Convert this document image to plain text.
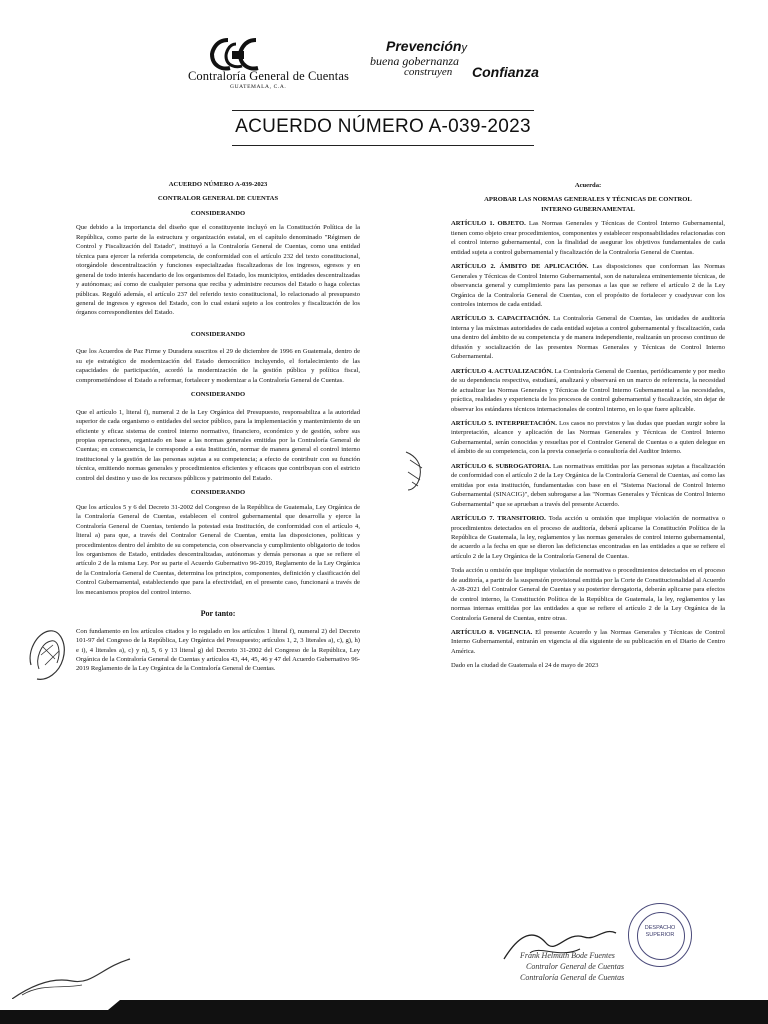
Contraloría General de Cuentas
GUATEMALA, C.A.
Prevencióny
buena gobernanza
construyen Confianza
ACUERDO NÚMERO A-039-2023

ACUERDO NÚMERO A-039-2023

CONTRALOR GENERAL DE CUENTAS

CONSIDERANDO

Que debido a la importancia del diseño que el constituyente incluyó en la Constitución Política de la República, como parte de la estructura y organización estatal, en el capítulo denominado "Régimen de Control y Fiscalización del Estado", instituyó a la Contraloría General de Cuentas, como una entidad técnica para ejercer la referida competencia, de conformidad con el artículo 232 del texto constitucional, otorgándole descentralización y funciones especializadas fiscalizadoras de los ingresos, egresos y en general de todo interés hacendario de los organismos del Estado, los municipios, entidades descentralizadas y autónomas; así como de cualquier persona que reciba y administre recursos del Estado o haga colectas públicas. Reguló además, el artículo 237 del referido texto constitucional, lo relacionado al presupuesto general de ingresos y egresos del Estado, con lo cual estará sujeto a los controles y fiscalización de los órganos correspondientes del Estado.

CONSIDERANDO

Que los Acuerdos de Paz Firme y Duradera suscritos el 29 de diciembre de 1996 en Guatemala, dentro de su eje estratégico de modernización del Estado democrático incluyendo, el fortalecimiento de las capacidades de participación, acordó la modernización de la gestión pública y política fiscal, comprometiéndose el Estado a reformar, fortalecer y modernizar a la Contraloría General de Cuentas.

CONSIDERANDO

Que el artículo 1, literal f), numeral 2 de la Ley Orgánica del Presupuesto, responsabiliza a la autoridad superior de cada organismo o entidades del sector público, para la implementación y mantenimiento de un eficiente y eficaz sistema de control interno normativo, financiero, económico y de gestión, sobre sus propias operaciones, organizado en base a las normas generales emitidas por la Contraloría General de Cuentas; en consecuencia, le corresponde a esta Institución, normar de manera general el control interno institucional y la gestión de las personas sujetas a su competencia; a efecto de contribuir con su función técnica, emitiendo normas generales y procedimientos eficientes y eficaces que contribuyan con el estricto control del destino y uso de los recursos públicos y patrimonio del Estado.

CONSIDERANDO

Que los artículos 5 y 6 del Decreto 31-2002 del Congreso de la República de Guatemala, Ley Orgánica de la Contraloría General de Cuentas, establecen el control gubernamental que desarrolla y ejerce la Contraloría General de Cuentas, teniendo la potestad esta Institución, de conformidad con el artículo 4, literal a) para que, a través del Contralor General de Cuentas, emita las disposiciones, políticas y procedimientos dentro del ámbito de su competencia, con observancia y cumplimiento obligatorio de todos los organismos de Estado, entidades descentralizadas, autónomas y demás personas a que se refiere el artículo 2 de la misma Ley. Por su parte el Acuerdo Gubernativo 96-2019, Reglamento de la Ley Orgánica de la Contraloría General de Cuentas, determina los principios, componentes, definición y clasificación del Control Gubernamental, estableciendo que para la efectividad, en el presente caso, funcionará a través de los mecanismos propios del control interno.

Por tanto:

Con fundamento en los artículos citados y lo regulado en los artículos 1 literal f), numeral 2) del Decreto 101-97 del Congreso de la República, Ley Orgánica del Presupuesto; artículos 1, 2, 3 literales a), c), g), h) e i), 4 literales a), c) y n), 5, 6 y 13 literal g) del Decreto 31-2002 del Congreso de la República, Ley Orgánica de la Contraloría General de Cuentas y artículos 43, 44, 45, 46 y 47 del Acuerdo Gubernativo 96-2019 Reglamento de la Ley Orgánica de la Contraloría General de Cuentas.

Acuerda:

APROBAR LAS NORMAS GENERALES Y TÉCNICAS DE CONTROL INTERNO GUBERNAMENTAL

ARTÍCULO 1. OBJETO. Las Normas Generales y Técnicas de Control Interno Gubernamental, tienen como objeto crear procedimientos, componentes y establecer responsabilidades relacionadas con el control interno gubernamental, con la finalidad de asegurar los objetivos fundamentales de cada entidad sujeta a control gubernamental y fiscalización de la Contraloría General de Cuentas.

ARTÍCULO 2. ÁMBITO DE APLICACIÓN. Las disposiciones que conforman las Normas Generales y Técnicas de Control Interno Gubernamental, son de naturaleza eminentemente técnicas, de observancia general y cumplimiento para las personas a las que se refiere el artículo 2 de la Ley Orgánica de la Contraloría General de Cuentas, con el propósito de fortalecer y coadyuvar con los controles internos de cada entidad.

ARTÍCULO 3. CAPACITACIÓN. La Contraloría General de Cuentas, las unidades de auditoría interna y las máximas autoridades de cada entidad sujetas a control gubernamental y fiscalización, cada una dentro del ámbito de su competencia y de manera independiente, realizarán un proceso continuo de difusión y socialización de las presentes Normas Generales y Técnicas de Control Interno Gubernamental.

ARTÍCULO 4. ACTUALIZACIÓN. La Contraloría General de Cuentas, periódicamente y por medio de su dependencia respectiva, estudiará, analizará y observará en un marco de referencia, la necesidad de actualizar las Normas Generales y Técnicas de Control Interno Gubernamental a las necesidades, práctica, realidades y experiencia de los procesos de control gubernamental y fiscalización, sin dejar de observar los estándares técnicos internacionales de control interno, en lo que fuere aplicable.

ARTÍCULO 5. INTERPRETACIÓN. Los casos no previstos y las dudas que puedan surgir sobre la interpretación, alcance y aplicación de las Normas Generales y Técnicas de Control Interno Gubernamental, serán conocidas y resueltas por el Contralor General de Cuentas o a quien delegue en el ámbito de su competencia, con la previa consejería o consultoría del Auditor Interno.

ARTÍCULO 6. SUBROGATORIA. Las normativas emitidas por las personas sujetas a fiscalización de conformidad con el artículo 2 de la Ley Orgánica de la Contraloría General de Cuentas, así como las emitidas por esta institución, fundamentadas con base en el "Sistema Nacional de Control Interno Gubernamental (SINACIG)", deben subrogarse a las "Normas Generales y Técnicas de Control Interno Gubernamental" que se aprueban a través del presente Acuerdo.

ARTÍCULO 7. TRANSITORIO. Toda acción u omisión que implique violación de normativa o procedimientos detectados en el proceso de auditoría, deberá aplicarse la Constitución Política de la República de Guatemala, la ley, reglamentos y las normas generales de control interno gubernamental, de acuerdo a la fecha en que se dieron las deficiencias encontradas en las entidades a que se refiere el artículo 2 de la Ley Orgánica de la Contraloría General de Cuentas.

Toda acción u omisión que implique violación de normativa o procedimientos detectados en el proceso de auditoría, a partir de la suspensión provisional emitida por la Corte de Constitucionalidad al Acuerdo A-28-2021 del Contralor General de Cuentas y su posterior derogatoria, deberán aplicarse para efectos de control interno, la Constitución Política de la República de Guatemala, la ley, reglamentos y las normas internas emitidas por las entidades a que se refiere el artículo 2 de la Ley Orgánica de la Contraloría General de Cuentas, entre otras.

ARTÍCULO 8. VIGENCIA. El presente Acuerdo y las Normas Generales y Técnicas de Control Interno Gubernamental, entrarán en vigencia al día siguiente de su publicación en el Diario de Centro América.

Dado en la ciudad de Guatemala el 24 de mayo de 2023

DESPACHO SUPERIOR
Frank Helmuth Bode Fuentes
Contralor General de Cuentas
Contraloría General de Cuentas
